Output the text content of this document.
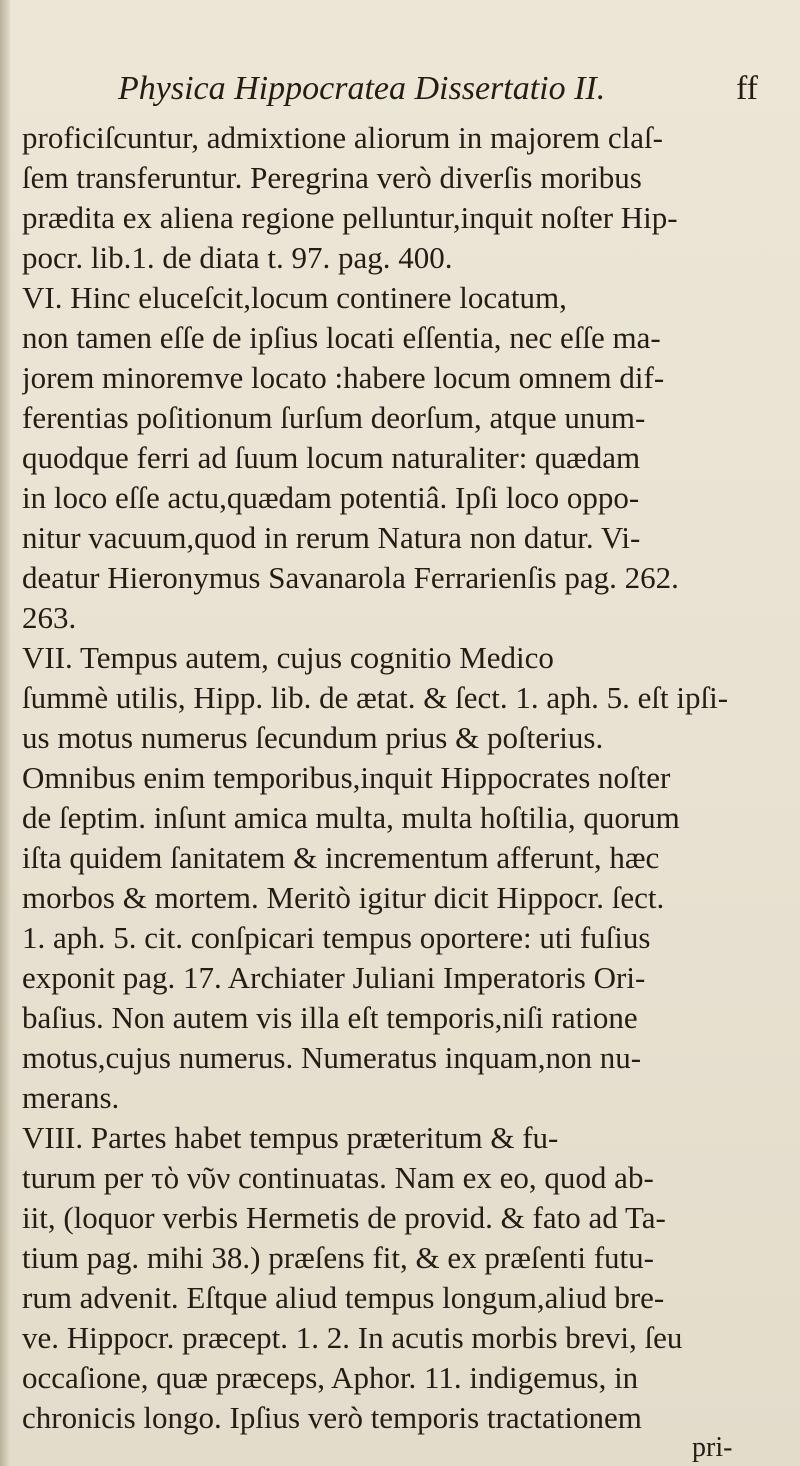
Physica Hippocratea Dissertatio II.	ff

proficiſcuntur, admixtione aliorum in majorem claſ-
ſem transferuntur. Peregrina verò diverſis moribus
prædita ex aliena regione pelluntur,inquit noſter Hip-
pocr. lib.1. de diata t. 97. pag. 400.

VI. Hinc eluceſcit,locum continere locatum,
non tamen eſſe de ipſius locati eſſentia, nec eſſe ma-
jorem minoremve locato :habere locum omnem dif-
ferentias poſitionum ſurſum deorſum, atque unum-
quodque ferri ad ſuum locum naturaliter: quædam
in loco eſſe actu,quædam potentiâ. Ipſi loco oppo-
nitur vacuum,quod in rerum Natura non datur. Vi-
deatur Hieronymus Savanarola Ferrarienſis pag. 262.
263.

VII. Tempus autem, cujus cognitio Medico
ſummè utilis, Hipp. lib. de ætat. & ſect. 1. aph. 5. eſt ipſi-
us motus numerus ſecundum prius & poſterius.
Omnibus enim temporibus,inquit Hippocrates noſter
de ſeptim. inſunt amica multa, multa hoſtilia, quorum
iſta quidem ſanitatem & incrementum afferunt, hæc
morbos & mortem. Meritò igitur dicit Hippocr. ſect.
1. aph. 5. cit. conſpicari tempus oportere: uti fuſius
exponit pag. 17. Archiater Juliani Imperatoris Ori-
baſius. Non autem vis illa eſt temporis,niſi ratione
motus,cujus numerus. Numeratus inquam,non nu-
merans.

VIII. Partes habet tempus præteritum & fu-
turum per τὸ νῦν continuatas. Nam ex eo, quod ab-
iit, (loquor verbis Hermetis de provid. & fato ad Ta-
tium pag. mihi 38.) præſens fit, & ex præſenti futu-
rum advenit. Eſtque aliud tempus longum,aliud bre-
ve. Hippocr. præcept. 1. 2. In acutis morbis brevi, ſeu
occaſione, quæ præceps, Aphor. 11. indigemus, in
chronicis longo. Ipſius verò temporis tractationem

pri-
